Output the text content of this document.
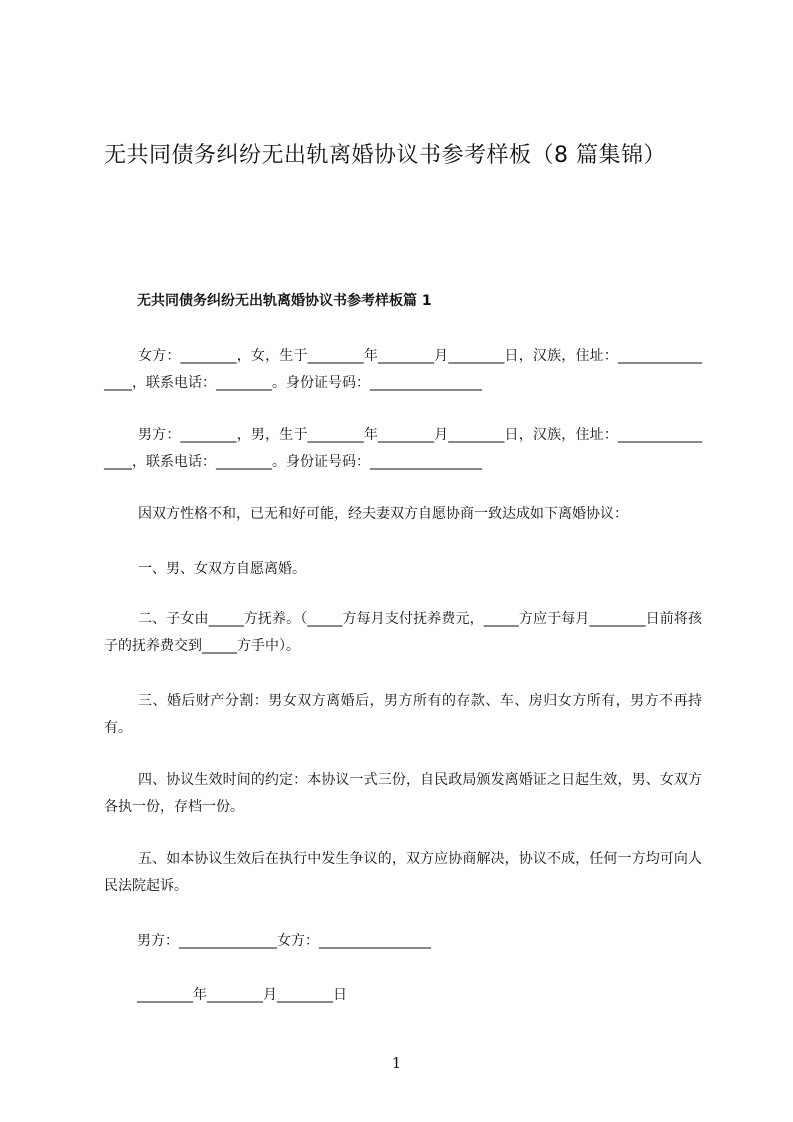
无共同债务纠纷无出轨离婚协议书参考样板（8 篇集锦）
无共同债务纠纷无出轨离婚协议书参考样板篇 1
女方：________，女，生于________年________月________日，汉族，住址：________________，联系电话：________。身份证号码：________________
男方：________，男，生于________年________月________日，汉族，住址：________________，联系电话：________。身份证号码：________________
因双方性格不和，已无和好可能，经夫妻双方自愿协商一致达成如下离婚协议：
一、男、女双方自愿离婚。
二、子女由_____方抚养。（_____方每月支付抚养费元，_____方应于每月________日前将孩子的抚养费交到_____方手中）。
三、婚后财产分割：男女双方离婚后，男方所有的存款、车、房归女方所有，男方不再持有。
四、协议生效时间的约定：本协议一式三份，自民政局颁发离婚证之日起生效，男、女双方各执一份，存档一份。
五、如本协议生效后在执行中发生争议的，双方应协商解决，协议不成，任何一方均可向人民法院起诉。
男方：______________女方：________________
________年________月________日
1
